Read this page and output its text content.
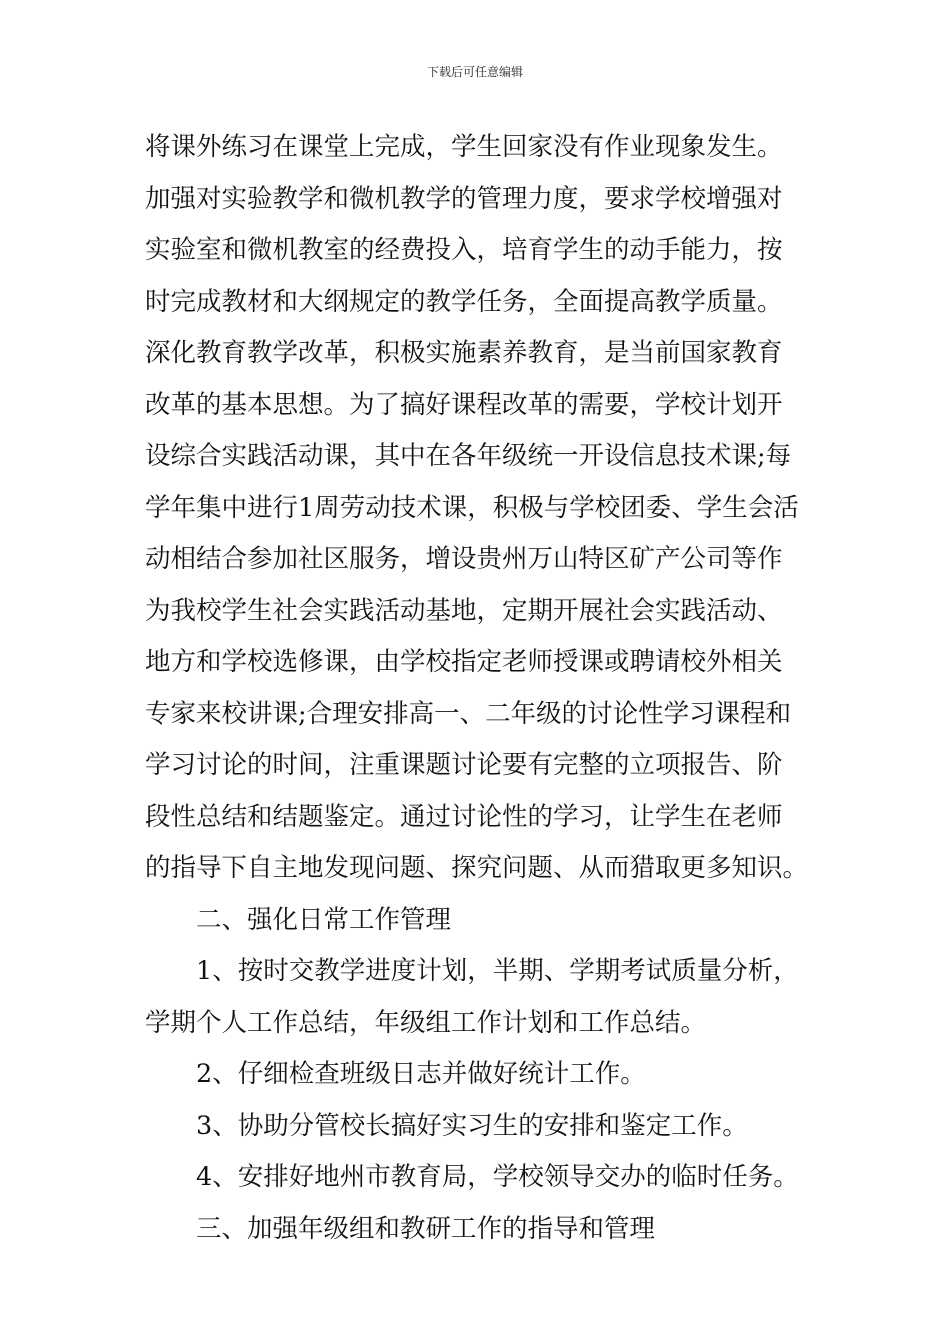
下载后可任意编辑
将课外练习在课堂上完成，学生回家没有作业现象发生。
加强对实验教学和微机教学的管理力度，要求学校增强对
实验室和微机教室的经费投入，培育学生的动手能力，按
时完成教材和大纲规定的教学任务，全面提高教学质量。
深化教育教学改革，积极实施素养教育，是当前国家教育
改革的基本思想。为了搞好课程改革的需要，学校计划开
设综合实践活动课，其中在各年级统一开设信息技术课;每
学年集中进行1周劳动技术课，积极与学校团委、学生会活
动相结合参加社区服务，增设贵州万山特区矿产公司等作
为我校学生社会实践活动基地，定期开展社会实践活动、
地方和学校选修课，由学校指定老师授课或聘请校外相关
专家来校讲课;合理安排高一、二年级的讨论性学习课程和
学习讨论的时间，注重课题讨论要有完整的立项报告、阶
段性总结和结题鉴定。通过讨论性的学习，让学生在老师
的指导下自主地发现问题、探究问题、从而猎取更多知识。
二、强化日常工作管理
1、按时交教学进度计划，半期、学期考试质量分析，
学期个人工作总结，年级组工作计划和工作总结。
2、仔细检查班级日志并做好统计工作。
3、协助分管校长搞好实习生的安排和鉴定工作。
4、安排好地州市教育局，学校领导交办的临时任务。
三、加强年级组和教研工作的指导和管理
